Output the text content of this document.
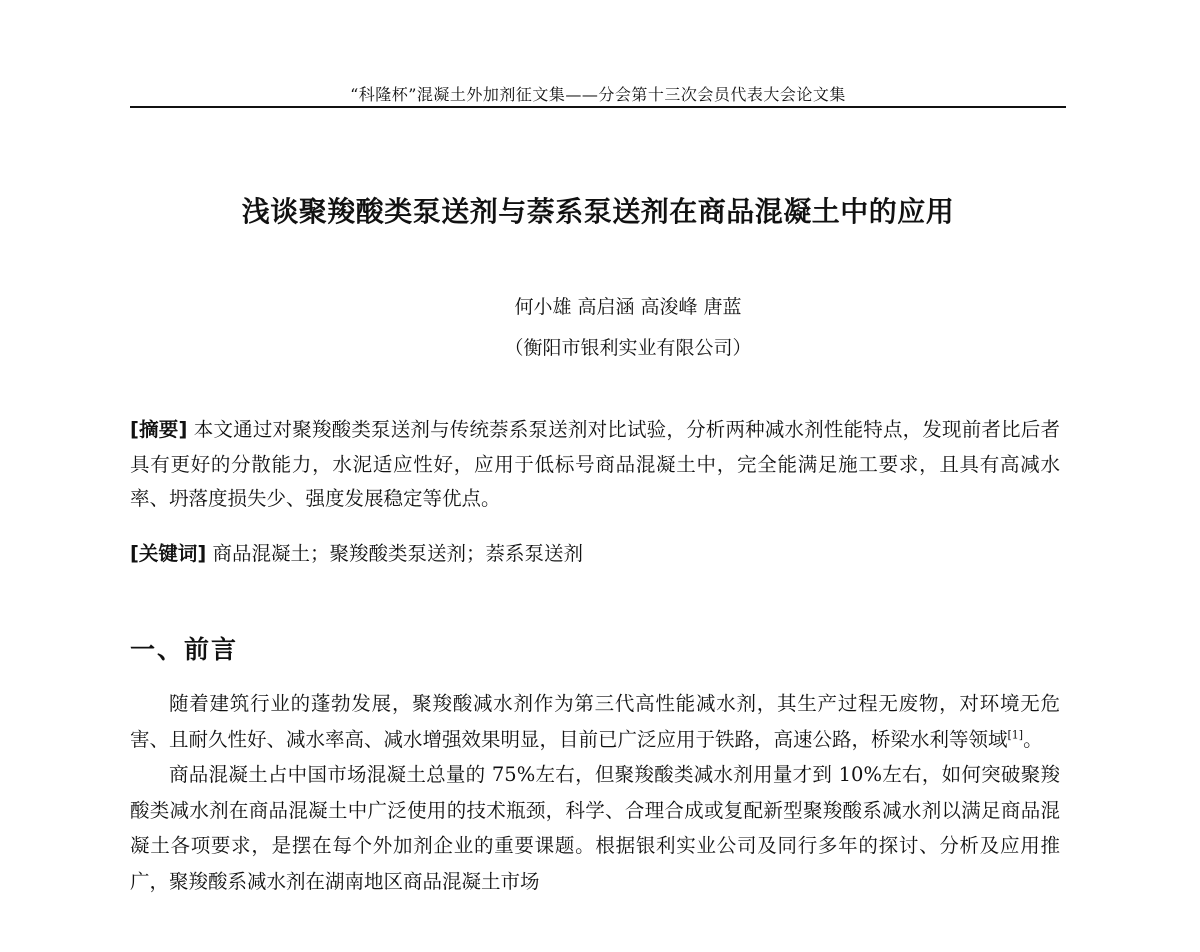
“科隆杯”混凝土外加剂征文集——分会第十三次会员代表大会论文集
浅谈聚羧酸类泵送剂与萘系泵送剂在商品混凝土中的应用
何小雄 高启涵 高浚峰 唐蓝
（衡阳市银利实业有限公司）
[摘要] 本文通过对聚羧酸类泵送剂与传统萘系泵送剂对比试验，分析两种减水剂性能特点，发现前者比后者具有更好的分散能力，水泥适应性好，应用于低标号商品混凝土中，完全能满足施工要求，且具有高减水率、坍落度损失少、强度发展稳定等优点。
[关键词] 商品混凝土；聚羧酸类泵送剂；萘系泵送剂
一、前言

随着建筑行业的蓬勃发展，聚羧酸减水剂作为第三代高性能减水剂，其生产过程无废物，对环境无危害、且耐久性好、减水率高、减水增强效果明显，目前已广泛应用于铁路，高速公路，桥梁水利等领域[1]。

商品混凝土占中国市场混凝土总量的 75%左右，但聚羧酸类减水剂用量才到 10%左右，如何突破聚羧酸类减水剂在商品混凝土中广泛使用的技术瓶颈，科学、合理合成或复配新型聚羧酸系减水剂以满足商品混凝土各项要求，是摆在每个外加剂企业的重要课题。根据银利实业公司及同行多年的探讨、分析及应用推广，聚羧酸系减水剂在湖南地区商品混凝土市场
